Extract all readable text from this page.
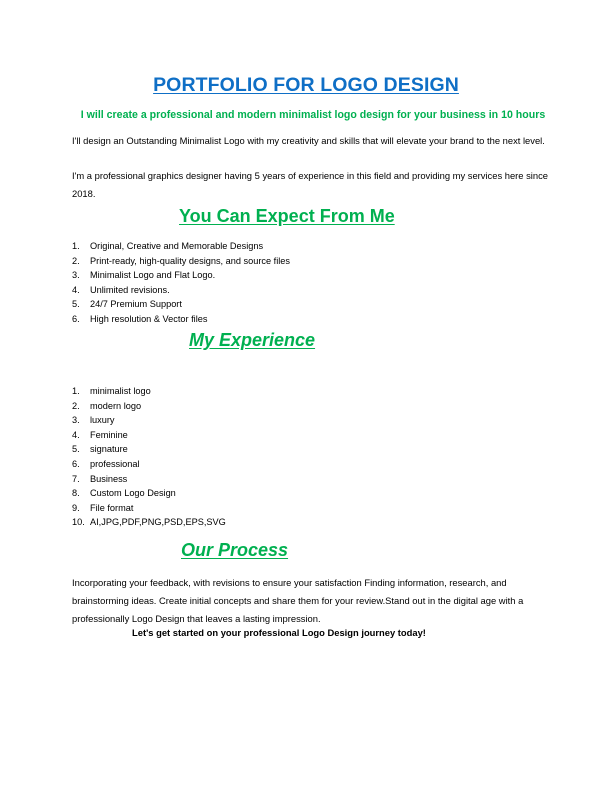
PORTFOLIO FOR LOGO DESIGN
I will create a professional and modern minimalist logo design for your business in 10 hours
I'll design an Outstanding Minimalist Logo with my creativity and skills that will elevate your brand to the next level.
I'm a professional graphics designer having 5 years of experience in this field and providing my services here since 2018.
You Can Expect From Me
1. Original, Creative and Memorable Designs
2. Print-ready, high-quality designs, and source files
3. Minimalist Logo and Flat Logo.
4. Unlimited revisions.
5. 24/7 Premium Support
6. High resolution & Vector files
My Experience
1. minimalist logo
2. modern logo
3. luxury
4. Feminine
5. signature
6. professional
7. Business
8. Custom Logo Design
9. File format
10. AI,JPG,PDF,PNG,PSD,EPS,SVG
Our Process
Incorporating your feedback, with revisions to ensure your satisfaction Finding information, research, and brainstorming ideas. Create initial concepts and share them for your review.Stand out in the digital age with a professionally Logo Design that leaves a lasting impression.
Let's get started on your professional Logo Design journey today!
